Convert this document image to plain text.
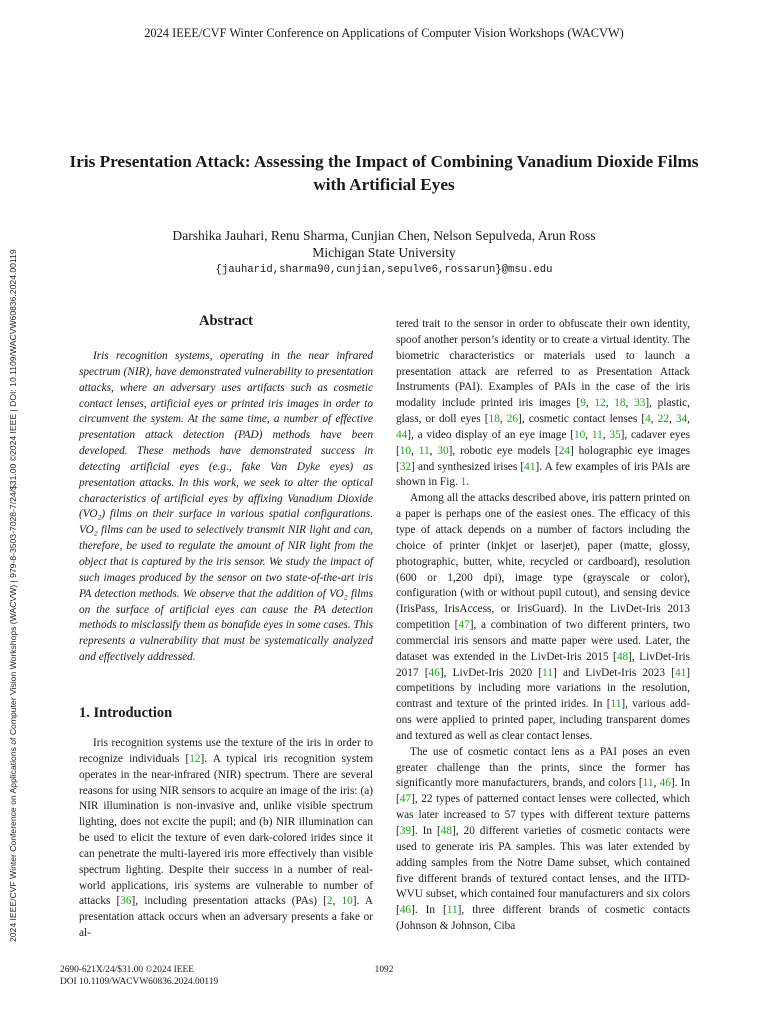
2024 IEEE/CVF Winter Conference on Applications of Computer Vision Workshops (WACVW)
2024 IEEE/CVF Winter Conference on Applications of Computer Vision Workshops (WACVW) | 979-8-3503-7028-7/24/$31.00 ©2024 IEEE | DOI: 10.1109/WACVW60836.2024.00119
Iris Presentation Attack: Assessing the Impact of Combining Vanadium Dioxide Films with Artificial Eyes
Darshika Jauhari, Renu Sharma, Cunjian Chen, Nelson Sepulveda, Arun Ross
Michigan State University
{jauharid,sharma90,cunjian,sepulve6,rossarun}@msu.edu
Abstract

Iris recognition systems, operating in the near infrared spectrum (NIR), have demonstrated vulnerability to presentation attacks, where an adversary uses artifacts such as cosmetic contact lenses, artificial eyes or printed iris images in order to circumvent the system. At the same time, a number of effective presentation attack detection (PAD) methods have been developed. These methods have demonstrated success in detecting artificial eyes (e.g., fake Van Dyke eyes) as presentation attacks. In this work, we seek to alter the optical characteristics of artificial eyes by affixing Vanadium Dioxide (VO₂) films on their surface in various spatial configurations. VO₂ films can be used to selectively transmit NIR light and can, therefore, be used to regulate the amount of NIR light from the object that is captured by the iris sensor. We study the impact of such images produced by the sensor on two state-of-the-art iris PA detection methods. We observe that the addition of VO₂ films on the surface of artificial eyes can cause the PA detection methods to misclassify them as bonafide eyes in some cases. This represents a vulnerability that must be systematically analyzed and effectively addressed.

1. Introduction

Iris recognition systems use the texture of the iris in order to recognize individuals [12]. A typical iris recognition system operates in the near-infrared (NIR) spectrum. There are several reasons for using NIR sensors to acquire an image of the iris: (a) NIR illumination is non-invasive and, unlike visible spectrum lighting, does not excite the pupil; and (b) NIR illumination can be used to elicit the texture of even dark-colored irides since it can penetrate the multi-layered iris more effectively than visible spectrum lighting. Despite their success in a number of real-world applications, iris systems are vulnerable to number of attacks [36], including presentation attacks (PAs) [2, 10]. A presentation attack occurs when an adversary presents a fake or al-

tered trait to the sensor in order to obfuscate their own identity, spoof another person’s identity or to create a virtual identity. The biometric characteristics or materials used to launch a presentation attack are referred to as Presentation Attack Instruments (PAI). Examples of PAIs in the case of the iris modality include printed iris images [9, 12, 18, 33], plastic, glass, or doll eyes [18, 26], cosmetic contact lenses [4, 22, 34, 44], a video display of an eye image [10, 11, 35], cadaver eyes [10, 11, 30], robotic eye models [24] holographic eye images [32] and synthesized irises [41]. A few examples of iris PAIs are shown in Fig. 1.

Among all the attacks described above, iris pattern printed on a paper is perhaps one of the easiest ones. The efficacy of this type of attack depends on a number of factors including the choice of printer (inkjet or laserjet), paper (matte, glossy, photographic, butter, white, recycled or cardboard), resolution (600 or 1,200 dpi), image type (grayscale or color), configuration (with or without pupil cutout), and sensing device (IrisPass, IrisAccess, or IrisGuard). In the LivDet-Iris 2013 competition [47], a combination of two different printers, two commercial iris sensors and matte paper were used. Later, the dataset was extended in the LivDet-Iris 2015 [48], LivDet-Iris 2017 [46], LivDet-Iris 2020 [11] and LivDet-Iris 2023 [41] competitions by including more variations in the resolution, contrast and texture of the printed irides. In [11], various add-ons were applied to printed paper, including transparent domes and textured as well as clear contact lenses.

The use of cosmetic contact lens as a PAI poses an even greater challenge than the prints, since the former has significantly more manufacturers, brands, and colors [11, 46]. In [47], 22 types of patterned contact lenses were collected, which was later increased to 57 types with different texture patterns [39]. In [48], 20 different varieties of cosmetic contacts were used to generate iris PA samples. This was later extended by adding samples from the Notre Dame subset, which contained five different brands of textured contact lenses, and the IITD-WVU subset, which contained four manufacturers and six colors [46]. In [11], three different brands of cosmetic contacts (Johnson & Johnson, Ciba

2690-621X/24/$31.00 ©2024 IEEE
DOI 10.1109/WACVW60836.2024.00119
1092
